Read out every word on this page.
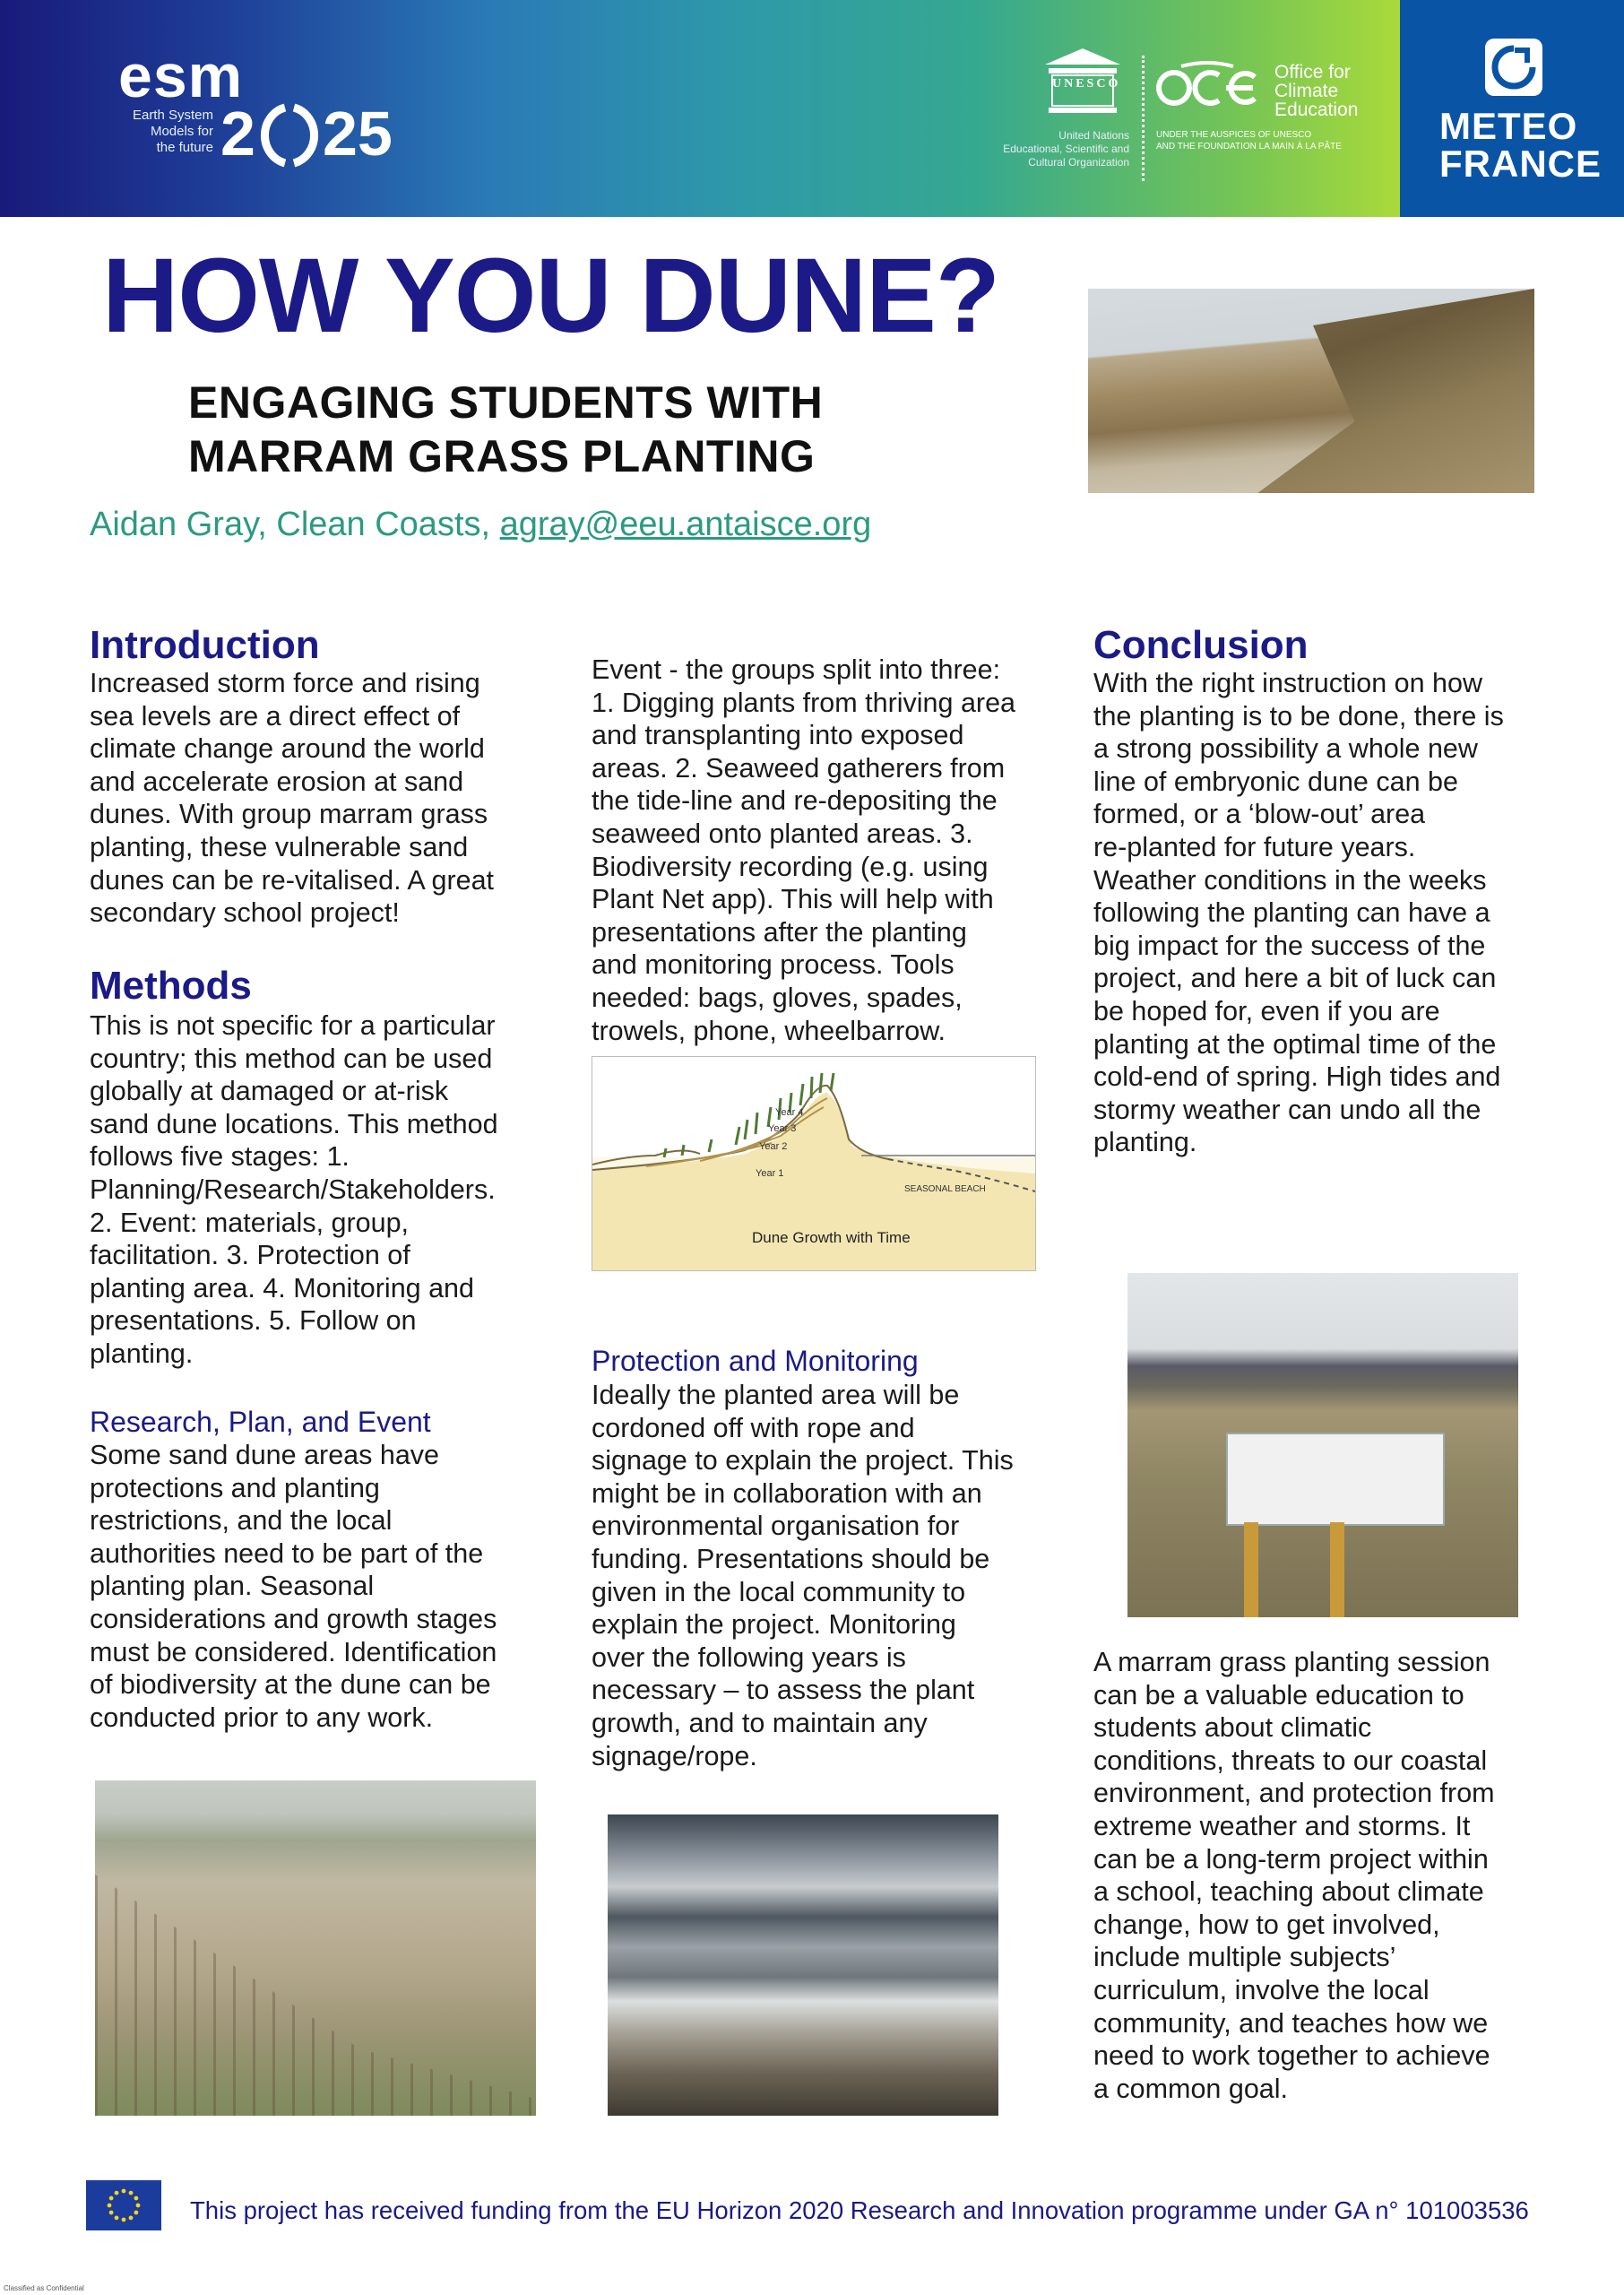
esm
Earth System
Models for
the future 2 25
UNESCO
United Nations
Educational, Scientific and
Cultural Organization
Office for
Climate
Education
UNDER THE AUSPICES OF UNESCO
AND THE FOUNDATION LA MAIN À LA PÂTE	METEO
FRANCE
HOW YOU DUNE?

ENGAGING STUDENTS WITH

MARRAM GRASS PLANTING

Aidan Gray, Clean Coasts, agray@eeu.antaisce.org

Introduction

Increased storm force and rising

sea levels are a direct effect of

climate change around the world

and accelerate erosion at sand

dunes. With group marram grass

planting, these vulnerable sand

dunes can be re-vitalised. A great

secondary school project!

Methods

This is not specific for a particular

country; this method can be used

globally at damaged or at-risk

sand dune locations. This method

follows five stages: 1.

Planning/Research/Stakeholders.

2. Event: materials, group,

facilitation. 3. Protection of

planting area. 4. Monitoring and

presentations. 5. Follow on

planting.

Research, Plan, and Event

Some sand dune areas have

protections and planting

restrictions, and the local

authorities need to be part of the

planting plan. Seasonal

considerations and growth stages

must be considered. Identification

of biodiversity at the dune can be

conducted prior to any work.

Event - the groups split into three:

1. Digging plants from thriving area

and transplanting into exposed

areas. 2. Seaweed gatherers from

the tide-line and re-depositing the

seaweed onto planted areas. 3.

Biodiversity recording (e.g. using

Plant Net app). This will help with

presentations after the planting

and monitoring process. Tools

needed: bags, gloves, spades,

trowels, phone, wheelbarrow.

Year 4
Year 3
Year 2
Year 1
SEASONAL BEACH
Dune Growth with Time
Protection and Monitoring

Ideally the planted area will be

cordoned off with rope and

signage to explain the project. This

might be in collaboration with an

environmental organisation for

funding. Presentations should be

given in the local community to

explain the project. Monitoring

over the following years is

necessary – to assess the plant

growth, and to maintain any

signage/rope.

Conclusion

With the right instruction on how

the planting is to be done, there is

a strong possibility a whole new

line of embryonic dune can be

formed, or a ‘blow-out’ area

re-planted for future years.

Weather conditions in the weeks

following the planting can have a

big impact for the success of the

project, and here a bit of luck can

be hoped for, even if you are

planting at the optimal time of the

cold-end of spring. High tides and

stormy weather can undo all the

planting.

A marram grass planting session

can be a valuable education to

students about climatic

conditions, threats to our coastal

environment, and protection from

extreme weather and storms. It

can be a long-term project within

a school, teaching about climate

change, how to get involved,

include multiple subjects’

curriculum, involve the local

community, and teaches how we

need to work together to achieve

a common goal.

This project has received funding from the EU Horizon 2020 Research and Innovation programme under GA n° 101003536

Classified as Confidential
